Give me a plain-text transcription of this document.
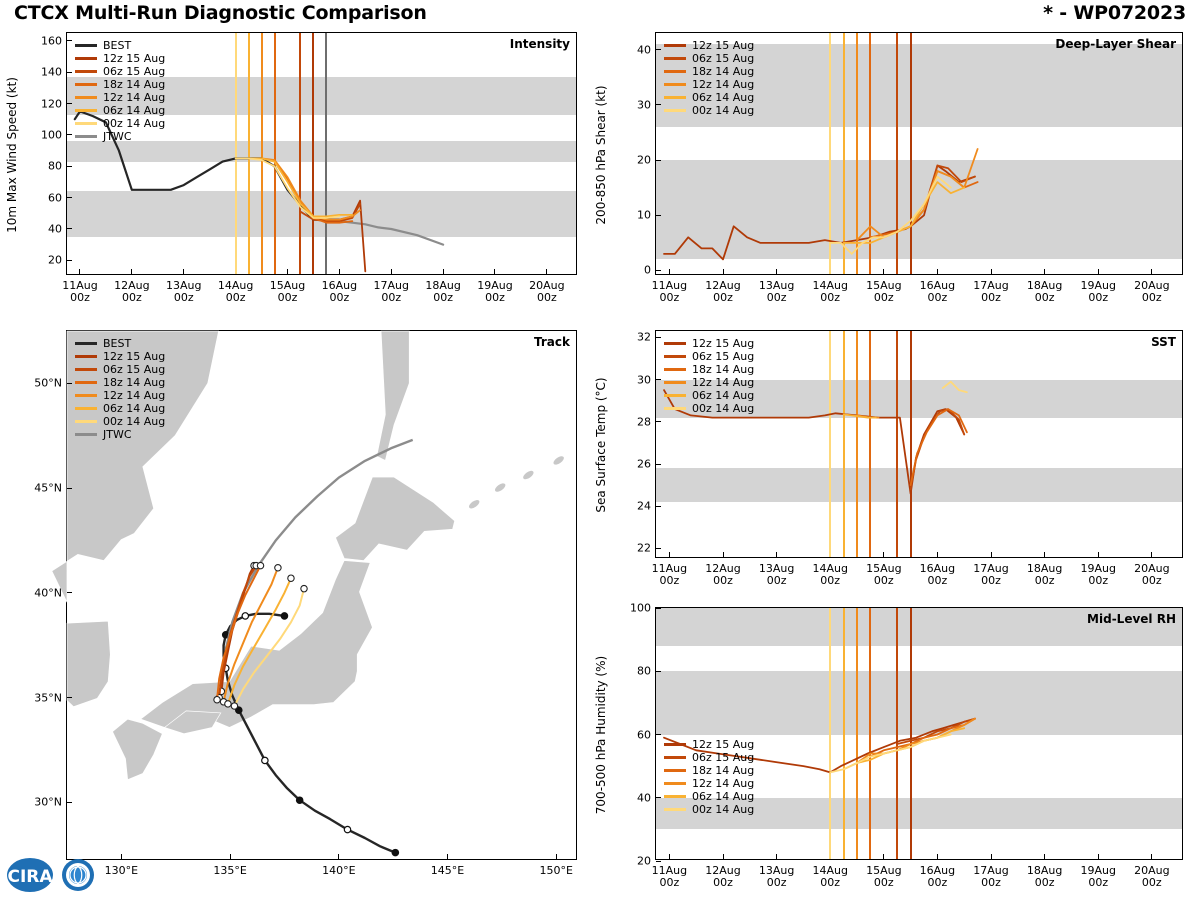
CTCX Multi-Run Diagnostic Comparison	* - WP072023
Intensity
20
40
60
80
100
120
140
160
10m Max Wind Speed (kt)
11Aug
00z
12Aug
00z
13Aug
00z
14Aug
00z
15Aug
00z
16Aug
00z
17Aug
00z
18Aug
00z
19Aug
00z
20Aug
00z
BEST
12z 15 Aug
06z 15 Aug
18z 14 Aug
12z 14 Aug
06z 14 Aug
00z 14 Aug
JTWC
Track
30°N
35°N
40°N
45°N
50°N
130°E	135°E	140°E	145°E	150°E
BEST
12z 15 Aug
06z 15 Aug
18z 14 Aug
12z 14 Aug
06z 14 Aug
00z 14 Aug
JTWC
Deep-Layer Shear
0
10
20
30
40
200-850 hPa Shear (kt)
11Aug
00z
12Aug
00z
13Aug
00z
14Aug
00z
15Aug
00z
16Aug
00z
17Aug
00z
18Aug
00z
19Aug
00z
20Aug
00z
12z 15 Aug
06z 15 Aug
18z 14 Aug
12z 14 Aug
06z 14 Aug
00z 14 Aug
SST
22
24
26
28
30
32
Sea Surface Temp (°C)
11Aug
00z
12Aug
00z
13Aug
00z
14Aug
00z
15Aug
00z
16Aug
00z
17Aug
00z
18Aug
00z
19Aug
00z
20Aug
00z
12z 15 Aug
06z 15 Aug
18z 14 Aug
12z 14 Aug
06z 14 Aug
00z 14 Aug
Mid-Level RH
20
40
60
80
100
700-500 hPa Humidity (%)
11Aug
00z
12Aug
00z
13Aug
00z
14Aug
00z
15Aug
00z
16Aug
00z
17Aug
00z
18Aug
00z
19Aug
00z
20Aug
00z
12z 15 Aug
06z 15 Aug
18z 14 Aug
12z 14 Aug
06z 14 Aug
00z 14 Aug
CIRA
